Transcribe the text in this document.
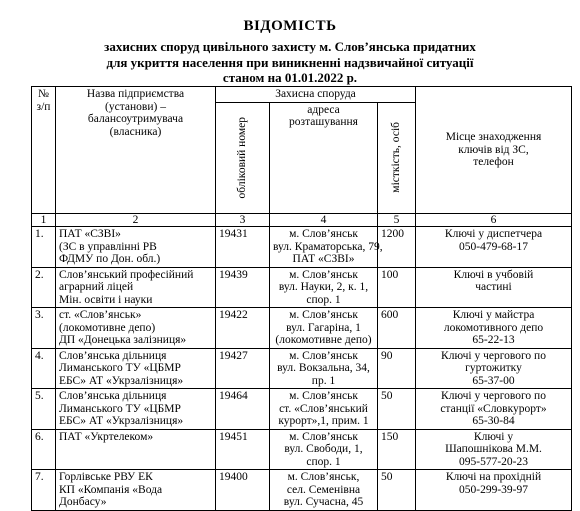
ВІДОМІСТЬ
захисних споруд цивільного захисту м. Слов’янська придатних
для укриття населення при виникненні надзвичайної ситуації
станом на 01.01.2022 р.
№
з/п	Назва підприємства
(установи) –
балансоутримувача
(власника)	Захисна споруда			Місце знаходження
ключів від ЗС,
телефон

		обліковий номер	адреса
розташування	місткість, осіб	

1	2	3	4	5	6
1.	ПАТ «СЗВІ»
(ЗС в управлінні РВ
ФДМУ по Дон. обл.)	19431	м. Слов’янськ
вул. Краматорська, 79,
ПАТ «СЗВІ»	1200	Ключі у диспетчера
050-479-68-17

2.	Слов’янський професійний
аграрний ліцей
Мін. освіти і науки	19439	м. Слов’янськ
вул. Науки, 2, к. 1,
спор. 1	100	Ключі в учбовій
частині

3.	ст. «Слов’янськ»
(локомотивне депо)
ДП «Донецька залізниця»	19422	м. Слов’янськ
вул. Гагаріна, 1
(локомотивне депо)	600	Ключі у майстра
локомотивного депо
65-22-13

4.	Слов’янська дільниця
Лиманського ТУ «ЦБМР
ЕБС» АТ «Укрзалізниця»	19427	м. Слов’янськ
вул. Вокзальна, 34,
пр. 1	90	Ключі у чергового по
гуртожитку
65-37-00

5.	Слов’янська дільниця
Лиманського ТУ «ЦБМР
ЕБС» АТ «Укрзалізниця»	19464	м. Слов’янськ
ст. «Слов’янський
курорт»,1, прим. 1	50	Ключі у чергового по
станції «Словкурорт»
65-30-84

6.	ПАТ «Укртелеком»	19451	м. Слов’янськ
вул. Свободи, 1,
спор. 1	150	Ключі у
Шапошнікова М.М.
095-577-20-23

7.	Горлівське РВУ ЕК
КП «Компанія «Вода
Донбасу»	19400	м. Слов’янськ,
сел. Семенівна
вул. Сучасна, 45	50	Ключі на прохідній
050-299-39-97
